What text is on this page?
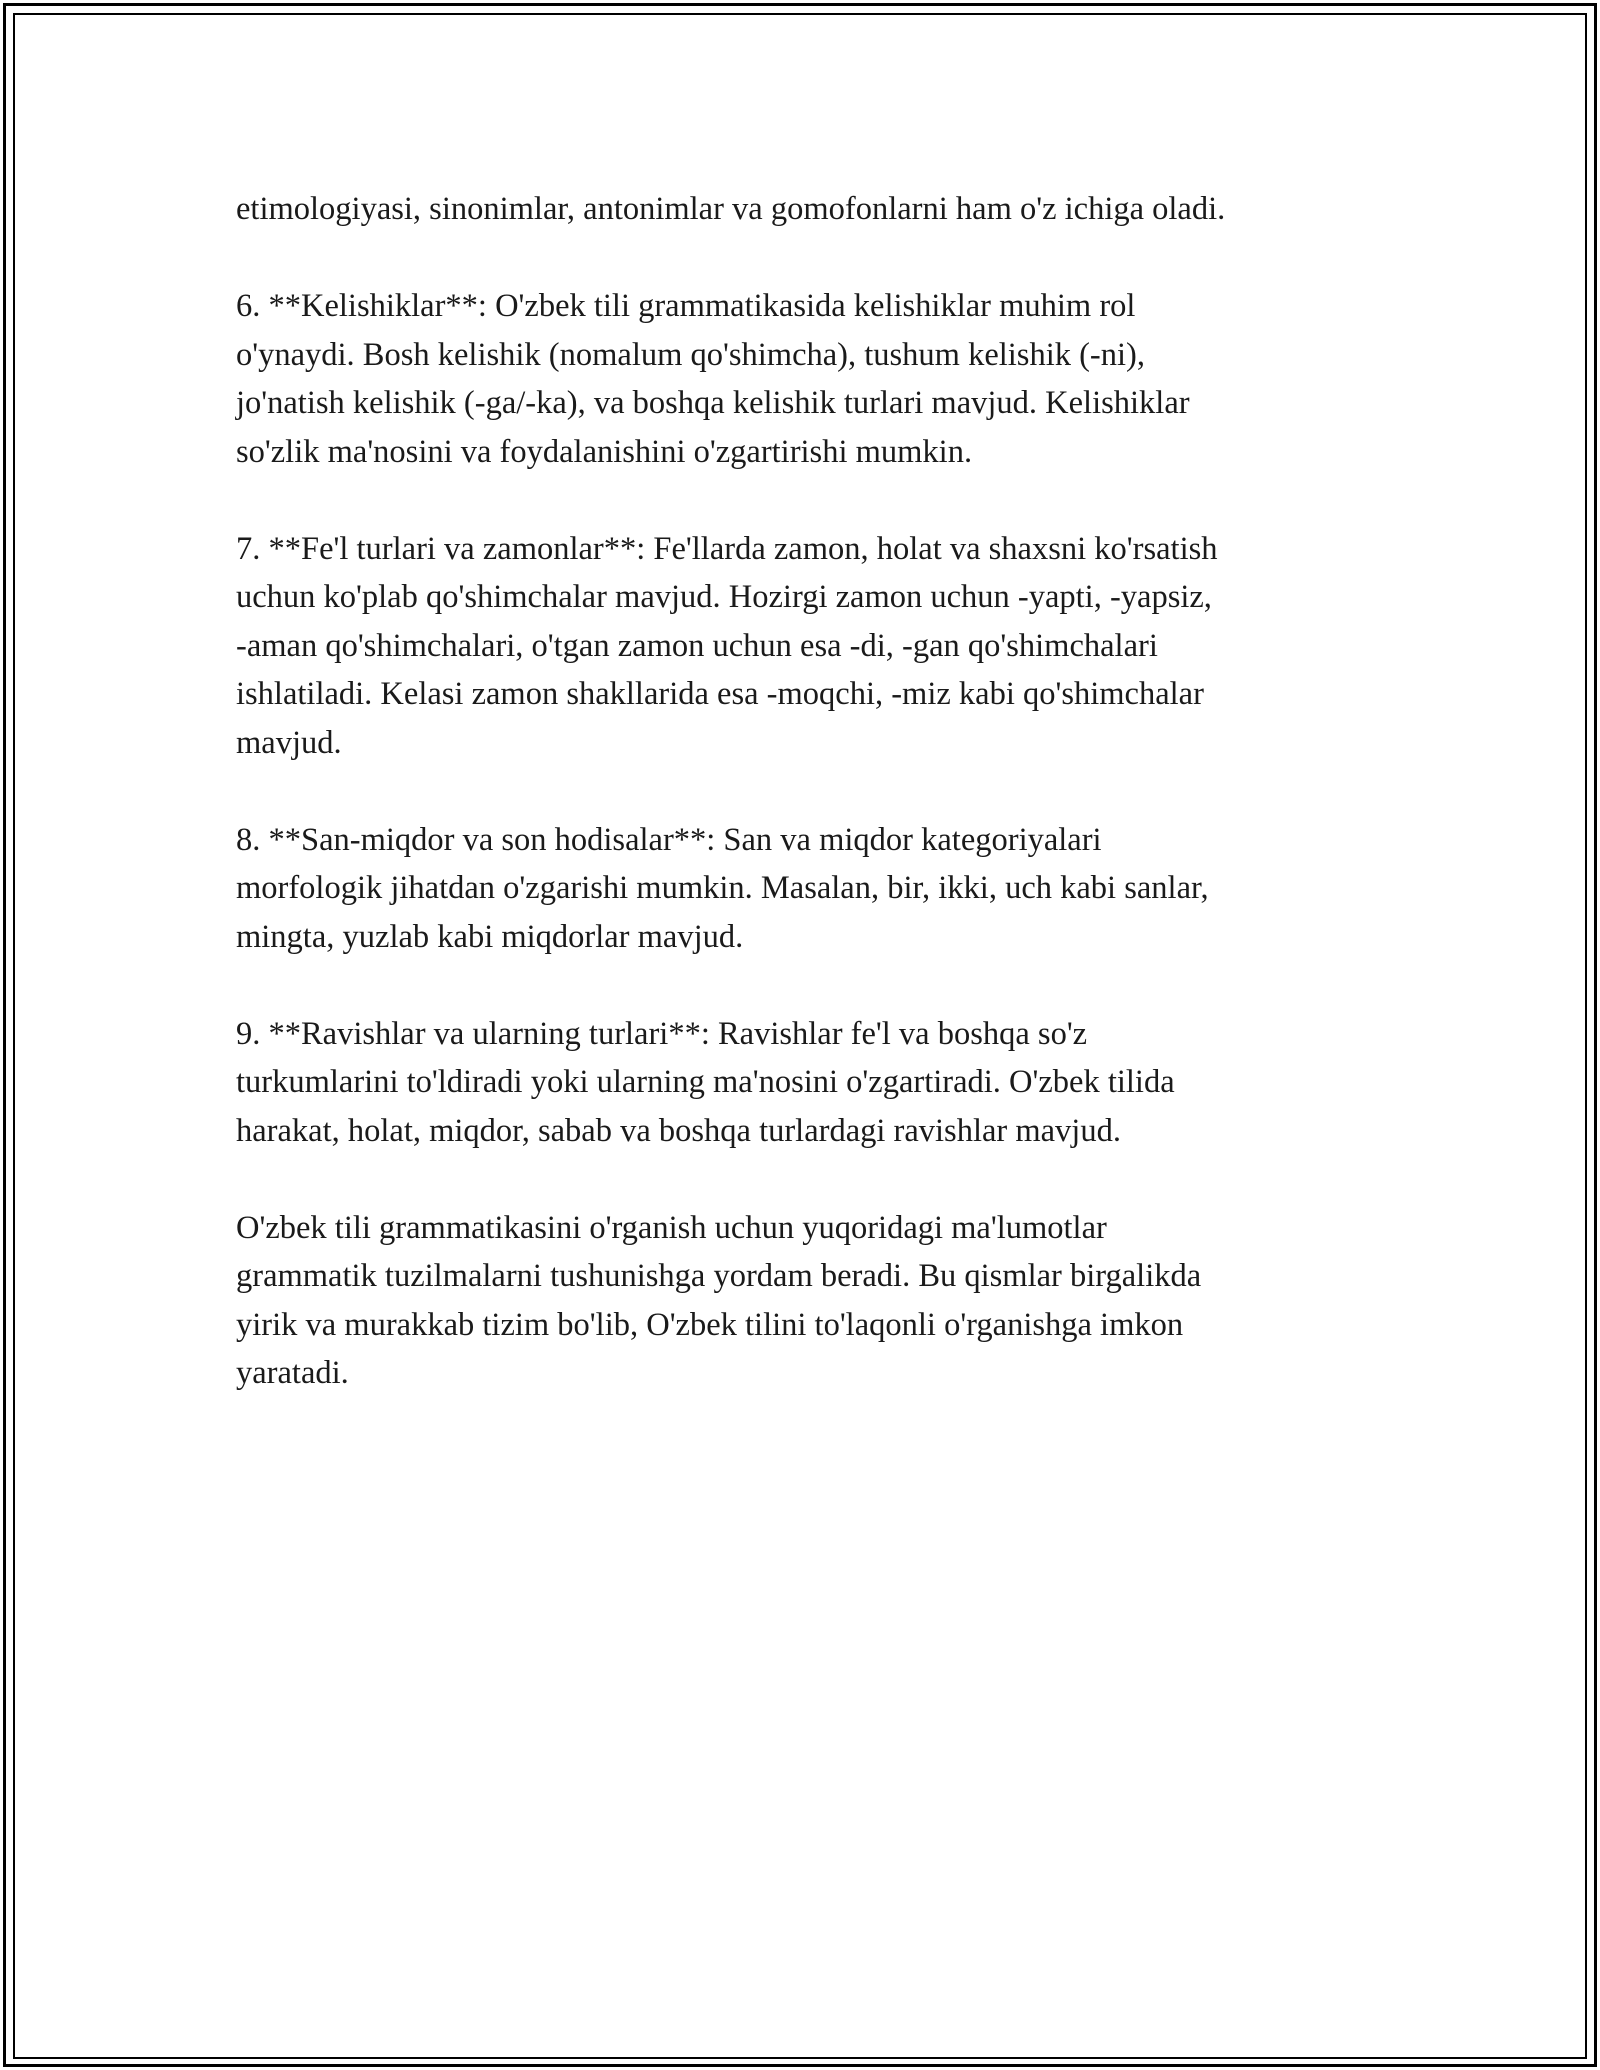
etimologiyasi, sinonimlar, antonimlar va gomofonlarni ham o'z ichiga oladi.

6. **Kelishiklar**: O'zbek tili grammatikasida kelishiklar muhim rol
o'ynaydi. Bosh kelishik (nomalum qo'shimcha), tushum kelishik (-ni),
jo'natish kelishik (-ga/-ka), va boshqa kelishik turlari mavjud. Kelishiklar
so'zlik ma'nosini va foydalanishini o'zgartirishi mumkin.

7. **Fe'l turlari va zamonlar**: Fe'llarda zamon, holat va shaxsni ko'rsatish
uchun ko'plab qo'shimchalar mavjud. Hozirgi zamon uchun -yapti, -yapsiz,
-aman qo'shimchalari, o'tgan zamon uchun esa -di, -gan qo'shimchalari
ishlatiladi. Kelasi zamon shakllarida esa -moqchi, -miz kabi qo'shimchalar
mavjud.

8. **San-miqdor va son hodisalar**: San va miqdor kategoriyalari
morfologik jihatdan o'zgarishi mumkin. Masalan, bir, ikki, uch kabi sanlar,
mingta, yuzlab kabi miqdorlar mavjud.

9. **Ravishlar va ularning turlari**: Ravishlar fe'l va boshqa so'z
turkumlarini to'ldiradi yoki ularning ma'nosini o'zgartiradi. O'zbek tilida
harakat, holat, miqdor, sabab va boshqa turlardagi ravishlar mavjud.

O'zbek tili grammatikasini o'rganish uchun yuqoridagi ma'lumotlar
grammatik tuzilmalarni tushunishga yordam beradi. Bu qismlar birgalikda
yirik va murakkab tizim bo'lib, O'zbek tilini to'laqonli o'rganishga imkon
yaratadi.
